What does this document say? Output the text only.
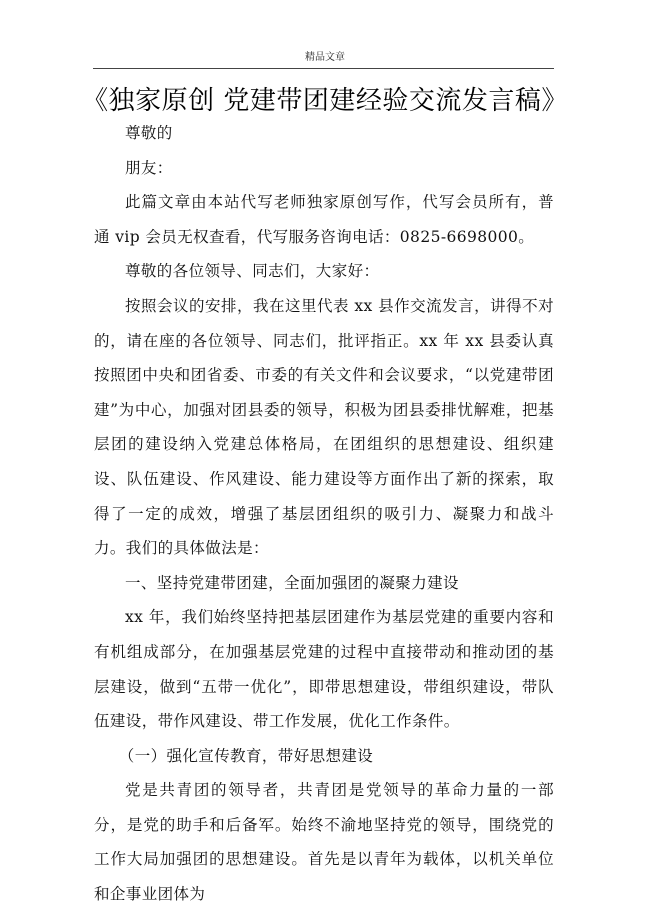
精品文章
《独家原创 党建带团建经验交流发言稿》

尊敬的

朋友：

此篇文章由本站代写老师独家原创写作，代写会员所有，普通 vip 会员无权查看，代写服务咨询电话：0825-6698000。

尊敬的各位领导、同志们，大家好：

按照会议的安排，我在这里代表 xx 县作交流发言，讲得不对的，请在座的各位领导、同志们，批评指正。xx 年 xx 县委认真按照团中央和团省委、市委的有关文件和会议要求，“以党建带团建”为中心，加强对团县委的领导，积极为团县委排忧解难，把基层团的建设纳入党建总体格局，在团组织的思想建设、组织建设、队伍建设、作风建设、能力建设等方面作出了新的探索，取得了一定的成效，增强了基层团组织的吸引力、凝聚力和战斗力。我们的具体做法是：

一、坚持党建带团建，全面加强团的凝聚力建设

xx 年，我们始终坚持把基层团建作为基层党建的重要内容和有机组成部分，在加强基层党建的过程中直接带动和推动团的基层建设，做到“五带一优化”，即带思想建设，带组织建设，带队伍建设，带作风建设、带工作发展，优化工作条件。

（一）强化宣传教育，带好思想建设

党是共青团的领导者，共青团是党领导的革命力量的一部分，是党的助手和后备军。始终不渝地坚持党的领导，围绕党的工作大局加强团的思想建设。首先是以青年为载体，以机关单位和企事业团体为
